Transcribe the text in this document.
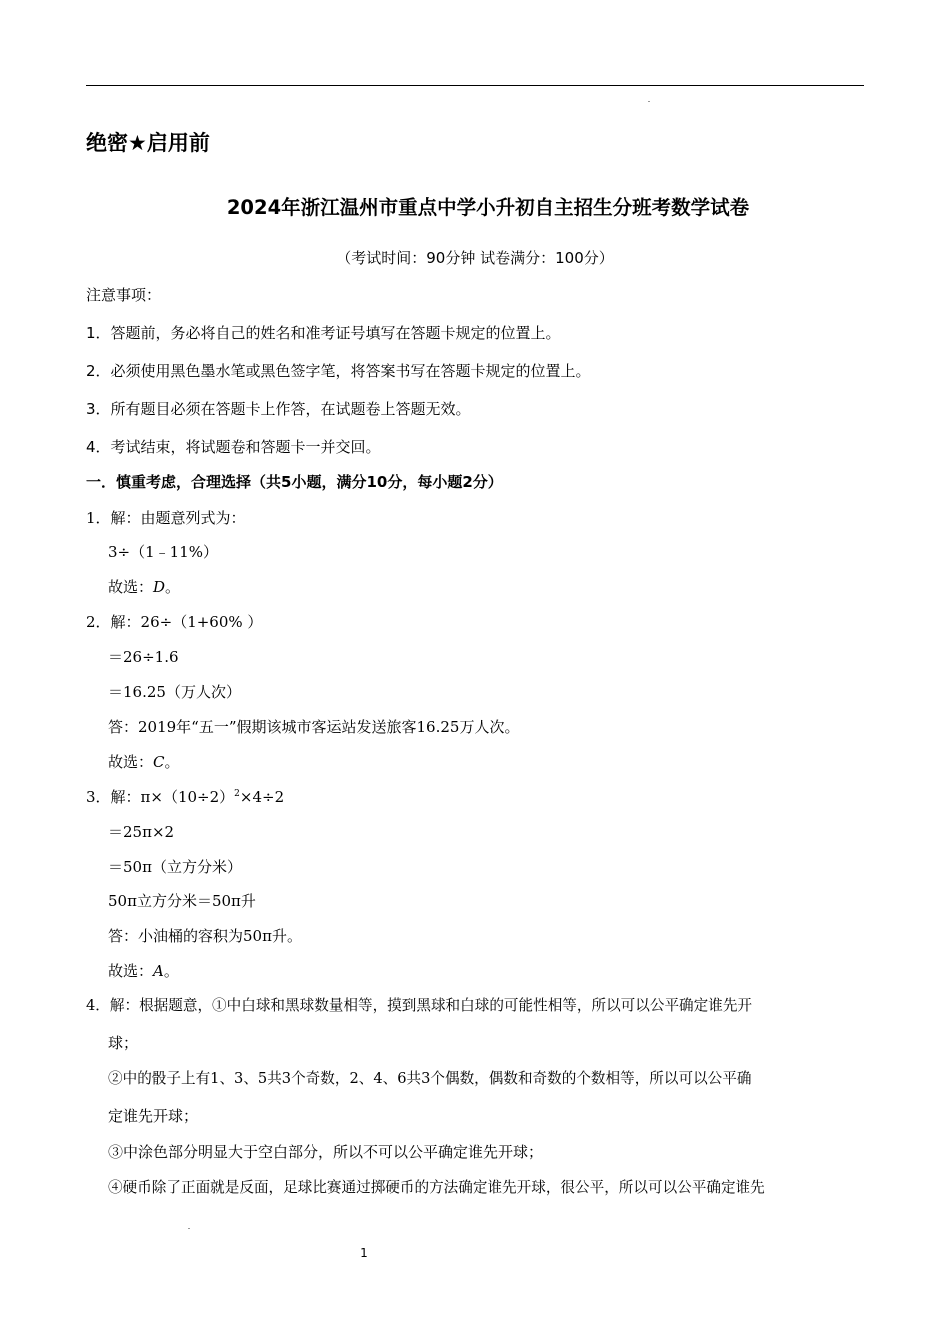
绝密★启用前
2024年浙江温州市重点中学小升初自主招生分班考数学试卷
（考试时间：90分钟 试卷满分：100分）
注意事项：
1．答题前，务必将自己的姓名和准考证号填写在答题卡规定的位置上。
2．必须使用黑色墨水笔或黑色签字笔，将答案书写在答题卡规定的位置上。
3．所有题目必须在答题卡上作答，在试题卷上答题无效。
4．考试结束，将试题卷和答题卡一并交回。
一．慎重考虑，合理选择（共5小题，满分10分，每小题2分）
1．解：由题意列式为：
3÷（1﹣11%）
故选：D。
2．解：26÷（1+60% ）
＝26÷1.6
＝16.25（万人次）
答：2019年“五一”假期该城市客运站发送旅客16.25万人次。
故选：C。
3．解：$\pi\times(10\div 2)^2\times 4\div 2$
＝25π×2
＝50π（立方分米）
50π立方分米＝50π升
答：小油桶的容积为50π升。
故选：A。
4．解：根据题意，①中白球和黑球数量相等，摸到黑球和白球的可能性相等，所以可以公平确定谁先开
球；
②中的骰子上有1、3、5共3个奇数，2、4、6共3个偶数，偶数和奇数的个数相等，所以可以公平确
定谁先开球；
③中涂色部分明显大于空白部分，所以不可以公平确定谁先开球；
④硬币除了正面就是反面，足球比赛通过掷硬币的方法确定谁先开球，很公平，所以可以公平确定谁先
1
